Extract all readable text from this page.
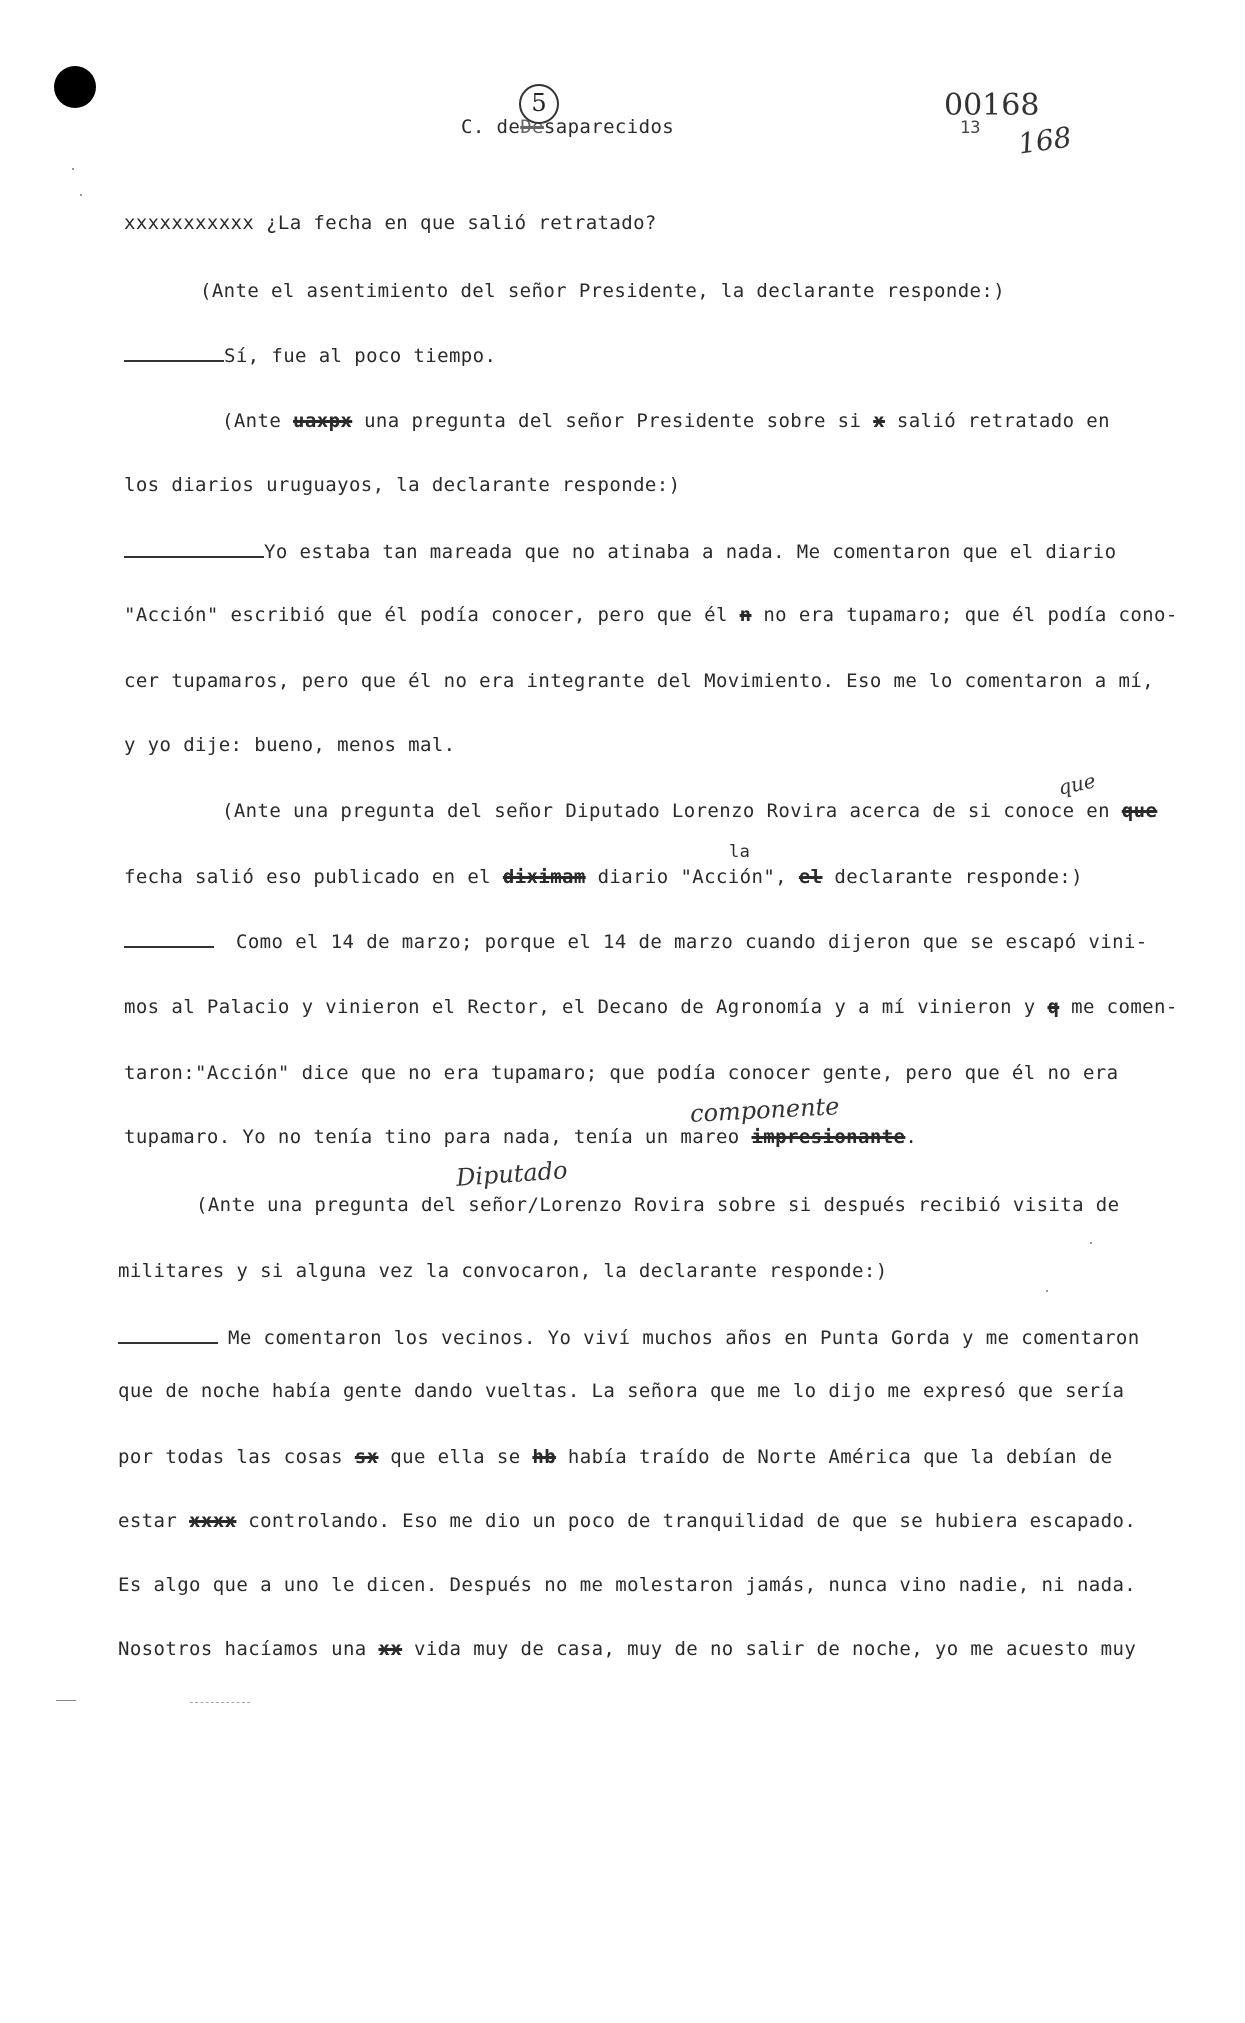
C. deDesaparecidos
5	00168
13 168
xxxxxxxxxxx ¿La fecha en que salió retratado?
(Ante el asentimiento del señor Presidente, la declarante responde:)
Sí, fue al poco tiempo.
(Ante uaxpx una pregunta del señor Presidente sobre si x salió retratado en
los diarios uruguayos, la declarante responde:)
Yo estaba tan mareada que no atinaba a nada. Me comentaron que el diario
"Acción" escribió que él podía conocer, pero que él n no era tupamaro; que él podía cono-
cer tupamaros, pero que él no era integrante del Movimiento. Eso me lo comentaron a mí,
y yo dije: bueno, menos mal.
(Ante una pregunta del señor Diputado Lorenzo Rovira acerca de si conoce en que
que
la
fecha salió eso publicado en el diximam diario "Acción", el declarante responde:)
Como el 14 de marzo; porque el 14 de marzo cuando dijeron que se escapó vini-
mos al Palacio y vinieron el Rector, el Decano de Agronomía y a mí vinieron y q me comen-
taron:"Acción" dice que no era tupamaro; que podía conocer gente, pero que él no era
componente
tupamaro. Yo no tenía tino para nada, tenía un mareo impresionante.
Diputado
(Ante una pregunta del señor/Lorenzo Rovira sobre si después recibió visita de
militares y si alguna vez la convocaron, la declarante responde:)
Me comentaron los vecinos. Yo viví muchos años en Punta Gorda y me comentaron
que de noche había gente dando vueltas. La señora que me lo dijo me expresó que sería
por todas las cosas sx que ella se hb había traído de Norte América que la debían de
estar xxxx controlando. Eso me dio un poco de tranquilidad de que se hubiera escapado.
Es algo que a uno le dicen. Después no me molestaron jamás, nunca vino nadie, ni nada.
Nosotros hacíamos una xx vida muy de casa, muy de no salir de noche, yo me acuesto muy
